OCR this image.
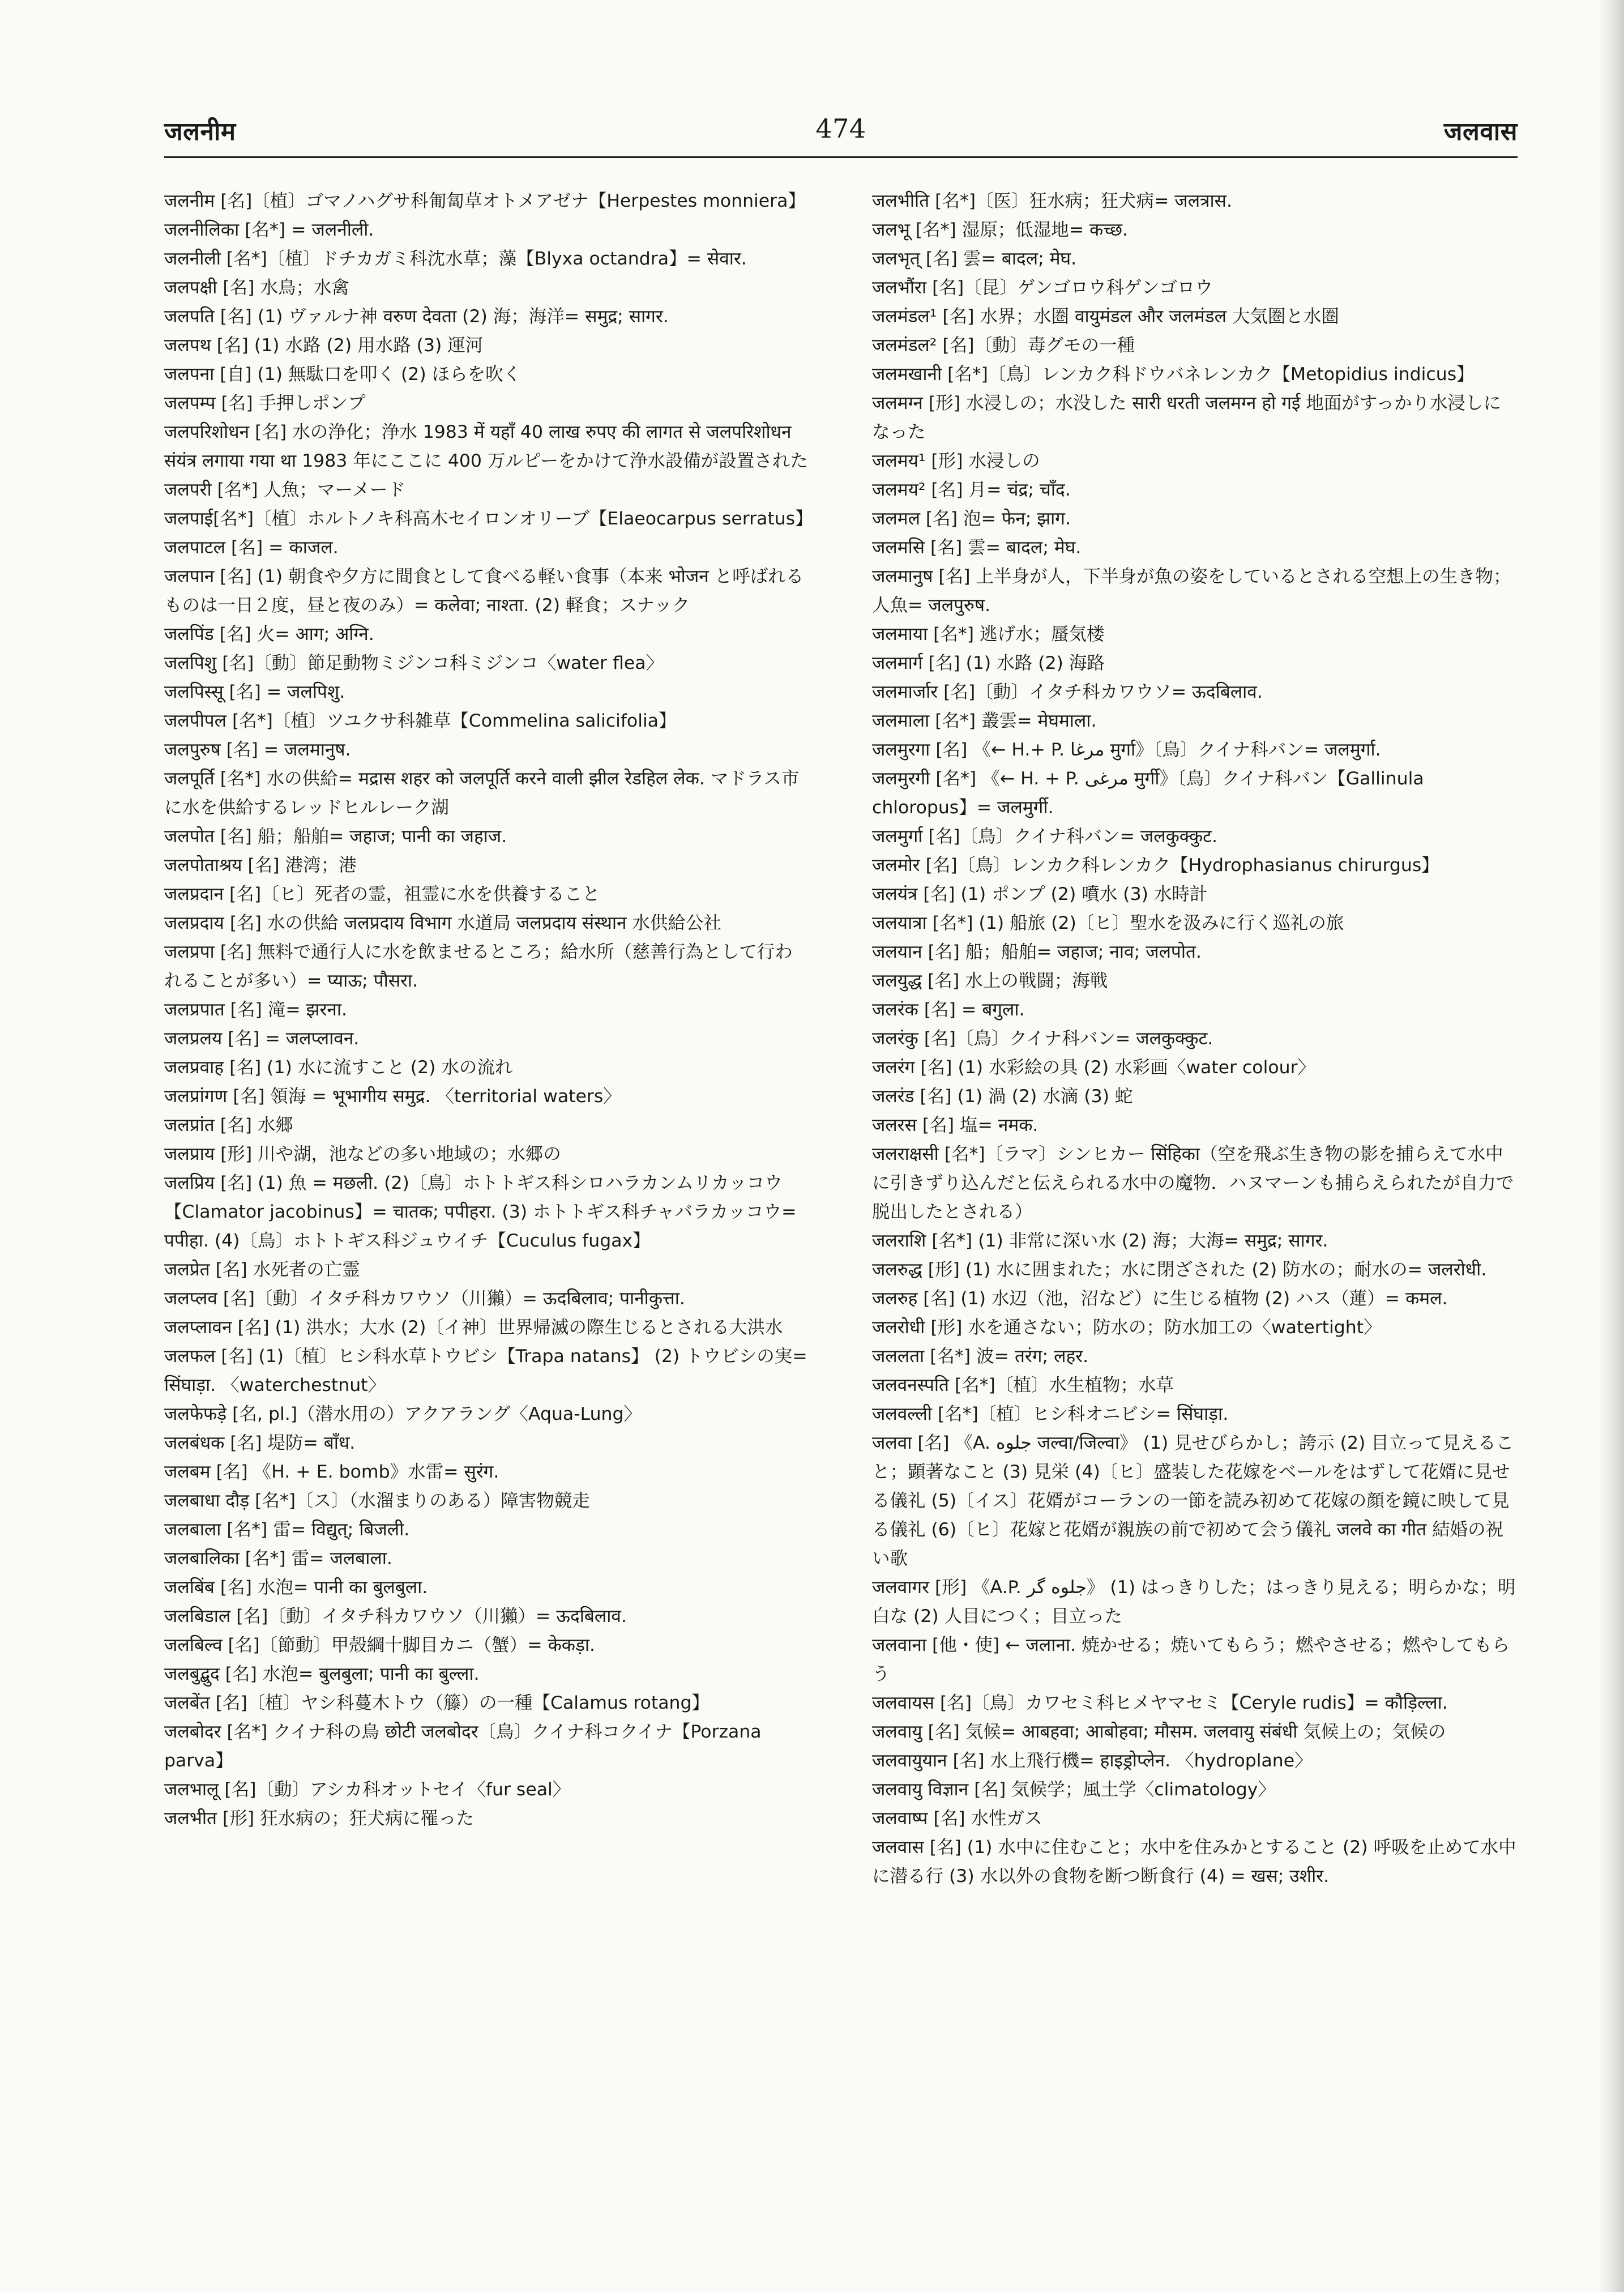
जलनीम	474	जलवास

जलनीम [名]〔植〕ゴマノハグサ科匍匐草オトメアゼナ【Herpestes monniera】

जलनीलिका [名*] = जलनीली.

जलनीली [名*]〔植〕ドチカガミ科沈水草；藻【Blyxa octandra】= सेवार.

जलपक्षी [名] 水鳥；水禽

जलपति [名] (1) ヴァルナ神 वरुण देवता (2) 海；海洋= समुद्र; सागर.

जलपथ [名] (1) 水路 (2) 用水路 (3) 運河

जलपना [自] (1) 無駄口を叩く (2) ほらを吹く

जलपम्प [名] 手押しポンプ

जलपरिशोधन [名] 水の浄化；浄水 1983 में यहाँ 40 लाख रुपए की लागत से जलपरिशोधन संयंत्र लगाया गया था 1983 年にここに 400 万ルピーをかけて浄水設備が設置された

जलपरी [名*] 人魚；マーメード

जलपाई[名*]〔植〕ホルトノキ科高木セイロンオリーブ【Elaeocarpus serratus】

जलपाटल [名] = काजल.

जलपान [名] (1) 朝食や夕方に間食として食べる軽い食事（本来 भोजन と呼ばれるものは一日２度，昼と夜のみ）= कलेवा; नाश्ता. (2) 軽食；スナック

जलपिंड [名] 火= आग; अग्नि.

जलपिशु [名]〔動〕節足動物ミジンコ科ミジンコ〈water flea〉

जलपिस्सू [名] = जलपिशु.

जलपीपल [名*]〔植〕ツユクサ科雑草【Commelina salicifolia】

जलपुरुष [名] = जलमानुष.

जलपूर्ति [名*] 水の供給= मद्रास शहर को जलपूर्ति करने वाली झील रेडहिल लेक. マドラス市に水を供給するレッドヒルレーク湖

जलपोत [名] 船；船舶= जहाज; पानी का जहाज.

जलपोताश्रय [名] 港湾；港

जलप्रदान [名]〔ヒ〕死者の霊，祖霊に水を供養すること

जलप्रदाय [名] 水の供給 जलप्रदाय विभाग 水道局 जलप्रदाय संस्थान 水供給公社

जलप्रपा [名] 無料で通行人に水を飲ませるところ；給水所（慈善行為として行われることが多い）= प्याऊ; पौसरा.

जलप्रपात [名] 滝= झरना.

जलप्रलय [名] = जलप्लावन.

जलप्रवाह [名] (1) 水に流すこと (2) 水の流れ

जलप्रांगण [名] 領海 = भूभागीय समुद्र. 〈territorial waters〉

जलप्रांत [名] 水郷

जलप्राय [形] 川や湖，池などの多い地域の；水郷の

जलप्रिय [名] (1) 魚 = मछली. (2)〔鳥〕ホトトギス科シロハラカンムリカッコウ【Clamator jacobinus】= चातक; पपीहरा. (3) ホトトギス科チャバラカッコウ= पपीहा. (4)〔鳥〕ホトトギス科ジュウイチ【Cuculus fugax】

जलप्रेत [名] 水死者の亡霊

जलप्लव [名]〔動〕イタチ科カワウソ（川獺）= ऊदबिलाव; पानीकुत्ता.

जलप्लावन [名] (1) 洪水；大水 (2)〔イ神〕世界帰滅の際生じるとされる大洪水

जलफल [名] (1)〔植〕ヒシ科水草トウビシ【Trapa natans】 (2) トウビシの実= सिंघाड़ा. 〈waterchestnut〉

जलफेफड़े [名, pl.]（潜水用の）アクアラング〈Aqua-Lung〉

जलबंधक [名] 堤防= बाँध.

जलबम [名] 《H. + E. bomb》水雷= सुरंग.

जलबाधा दौड़ [名*]〔ス〕（水溜まりのある）障害物競走

जलबाला [名*] 雷= विद्युत्; बिजली.

जलबालिका [名*] 雷= जलबाला.

जलबिंब [名] 水泡= पानी का बुलबुला.

जलबिडाल [名]〔動〕イタチ科カワウソ（川獺）= ऊदबिलाव.

जलबिल्व [名]〔節動〕甲殻綱十脚目カニ（蟹）= केकड़ा.

जलबुद्बुद [名] 水泡= बुलबुला; पानी का बुल्ला.

जलबेंत [名]〔植〕ヤシ科蔓木トウ（籐）の一種【Calamus rotang】

जलबोदर [名*] クイナ科の鳥 छोटी जलबोदर〔鳥〕クイナ科コクイナ【Porzana parva】

जलभालू [名]〔動〕アシカ科オットセイ〈fur seal〉

जलभीत [形] 狂水病の；狂犬病に罹った

जलभीति [名*]〔医〕狂水病；狂犬病= जलत्रास.

जलभू [名*] 湿原；低湿地= कच्छ.

जलभृत् [名] 雲= बादल; मेघ.

जलभौंरा [名]〔昆〕ゲンゴロウ科ゲンゴロウ

जलमंडल¹ [名] 水界；水圏 वायुमंडल और जलमंडल 大気圏と水圏

जलमंडल² [名]〔動〕毒グモの一種

जलमखानी [名*]〔鳥〕レンカク科ドウバネレンカク【Metopidius indicus】

जलमग्न [形] 水浸しの；水没した सारी धरती जलमग्न हो गई 地面がすっかり水浸しになった

जलमय¹ [形] 水浸しの

जलमय² [名] 月= चंद्र; चाँद.

जलमल [名] 泡= फेन; झाग.

जलमसि [名] 雲= बादल; मेघ.

जलमानुष [名] 上半身が人，下半身が魚の姿をしているとされる空想上の生き物；人魚= जलपुरुष.

जलमाया [名*] 逃げ水；蜃気楼

जलमार्ग [名] (1) 水路 (2) 海路

जलमार्जार [名]〔動〕イタチ科カワウソ= ऊदबिलाव.

जलमाला [名*] 叢雲= मेघमाला.

जलमुरगा [名] 《← H.+ P. مرغا मुर्गा》〔鳥〕クイナ科バン= जलमुर्गा.

जलमुरगी [名*] 《← H. + P. مرغی मुर्गी》〔鳥〕クイナ科バン【Gallinula chloropus】= जलमुर्गी.

जलमुर्गा [名]〔鳥〕クイナ科バン= जलकुक्कुट.

जलमोर [名]〔鳥〕レンカク科レンカク【Hydrophasianus chirurgus】

जलयंत्र [名] (1) ポンプ (2) 噴水 (3) 水時計

जलयात्रा [名*] (1) 船旅 (2)〔ヒ〕聖水を汲みに行く巡礼の旅

जलयान [名] 船；船舶= जहाज; नाव; जलपोत.

जलयुद्ध [名] 水上の戦闘；海戦

जलरंक [名] = बगुला.

जलरंकु [名]〔鳥〕クイナ科バン= जलकुक्कुट.

जलरंग [名] (1) 水彩絵の具 (2) 水彩画〈water colour〉

जलरंड [名] (1) 渦 (2) 水滴 (3) 蛇

जलरस [名] 塩= नमक.

जलराक्षसी [名*]〔ラマ〕シンヒカー सिंहिका（空を飛ぶ生き物の影を捕らえて水中に引きずり込んだと伝えられる水中の魔物．ハヌマーンも捕らえられたが自力で脱出したとされる）

जलराशि [名*] (1) 非常に深い水 (2) 海；大海= समुद्र; सागर.

जलरुद्ध [形] (1) 水に囲まれた；水に閉ざされた (2) 防水の；耐水の= जलरोधी.

जलरुह [名] (1) 水辺（池，沼など）に生じる植物 (2) ハス（蓮）= कमल.

जलरोधी [形] 水を通さない；防水の；防水加工の〈watertight〉

जललता [名*] 波= तरंग; लहर.

जलवनस्पति [名*]〔植〕水生植物；水草

जलवल्ली [名*]〔植〕ヒシ科オニビシ= सिंघाड़ा.

जलवा [名] 《A. جلوه जल्वा/जिल्वा》 (1) 見せびらかし；誇示 (2) 目立って見えること；顕著なこと (3) 見栄 (4)〔ヒ〕盛装した花嫁をベールをはずして花婿に見せる儀礼 (5)〔イス〕花婿がコーランの一節を読み初めて花嫁の顔を鏡に映して見る儀礼 (6)〔ヒ〕花嫁と花婿が親族の前で初めて会う儀礼 जलवे का गीत 結婚の祝い歌

जलवागर [形] 《A.P. جلوه گر》 (1) はっきりした；はっきり見える；明らかな；明白な (2) 人目につく；目立った

जलवाना [他・使] ← जलाना. 焼かせる；焼いてもらう；燃やさせる；燃やしてもらう

जलवायस [名]〔鳥〕カワセミ科ヒメヤマセミ【Ceryle rudis】= कौड़िल्ला.

जलवायु [名] 気候= आबहवा; आबोहवा; मौसम. जलवायु संबंधी 気候上の；気候の

जलवायुयान [名] 水上飛行機= हाइड्रोप्लेन. 〈hydroplane〉

जलवायु विज्ञान [名] 気候学；風土学〈climatology〉

जलवाष्प [名] 水性ガス

जलवास [名] (1) 水中に住むこと；水中を住みかとすること (2) 呼吸を止めて水中に潜る行 (3) 水以外の食物を断つ断食行 (4) = खस; उशीर.
